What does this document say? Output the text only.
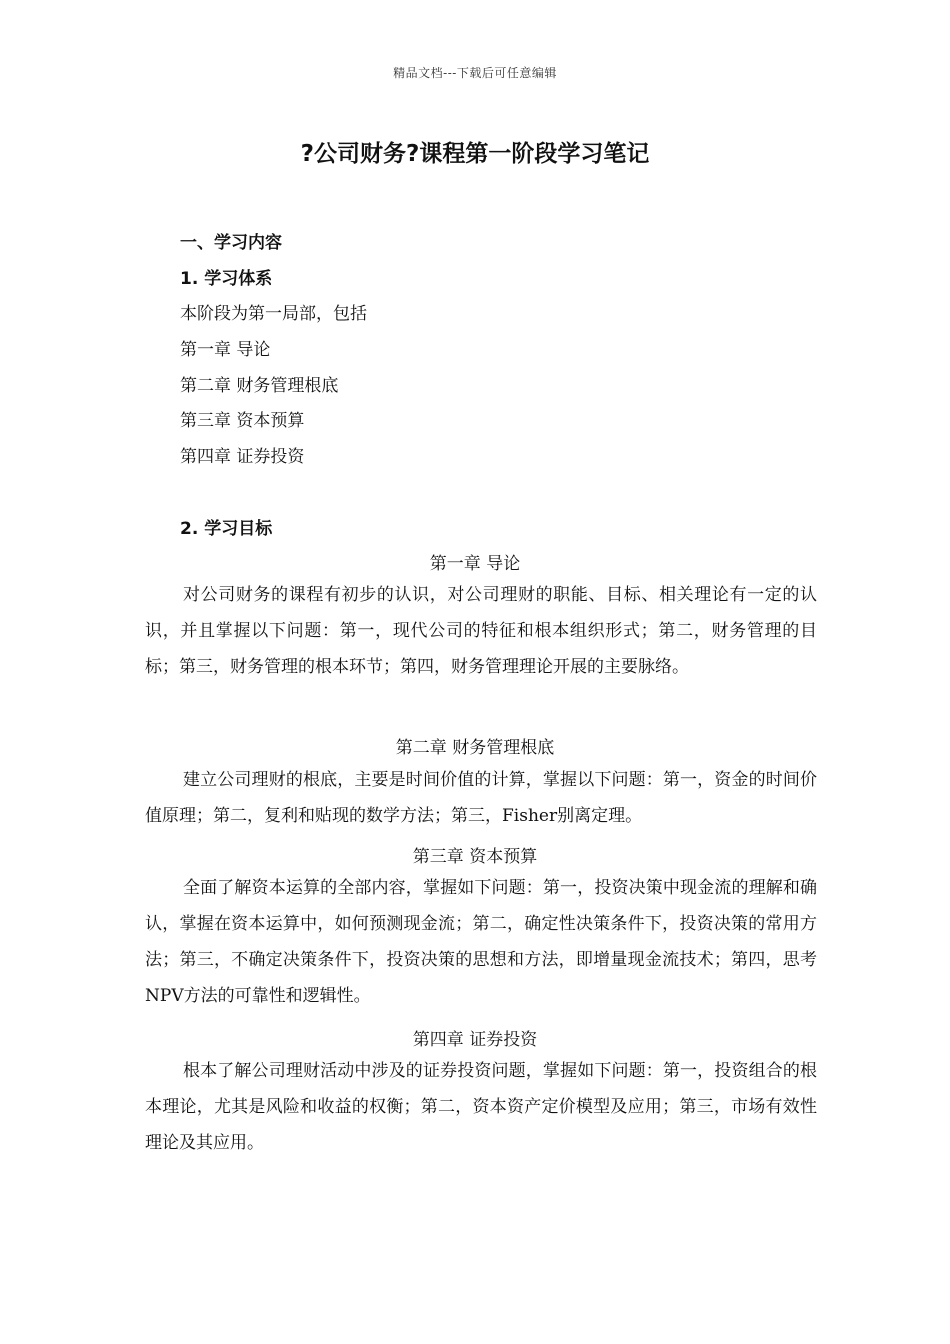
精品文档---下载后可任意编辑
?公司财务?课程第一阶段学习笔记
一、学习内容
1. 学习体系
本阶段为第一局部，包括
第一章 导论
第二章 财务管理根底
第三章 资本预算
第四章 证券投资
2. 学习目标
第一章 导论

对公司财务的课程有初步的认识，对公司理财的职能、目标、相关理论有一定的认识，并且掌握以下问题：第一，现代公司的特征和根本组织形式；第二，财务管理的目标；第三，财务管理的根本环节；第四，财务管理理论开展的主要脉络。

第二章 财务管理根底

建立公司理财的根底，主要是时间价值的计算，掌握以下问题：第一，资金的时间价值原理；第二，复利和贴现的数学方法；第三，Fisher别离定理。

第三章 资本预算

全面了解资本运算的全部内容，掌握如下问题：第一，投资决策中现金流的理解和确认，掌握在资本运算中，如何预测现金流；第二，确定性决策条件下，投资决策的常用方法；第三，不确定决策条件下，投资决策的思想和方法，即增量现金流技术；第四，思考NPV方法的可靠性和逻辑性。

第四章 证券投资

根本了解公司理财活动中涉及的证券投资问题，掌握如下问题：第一，投资组合的根本理论，尤其是风险和收益的权衡；第二，资本资产定价模型及应用；第三，市场有效性理论及其应用。
